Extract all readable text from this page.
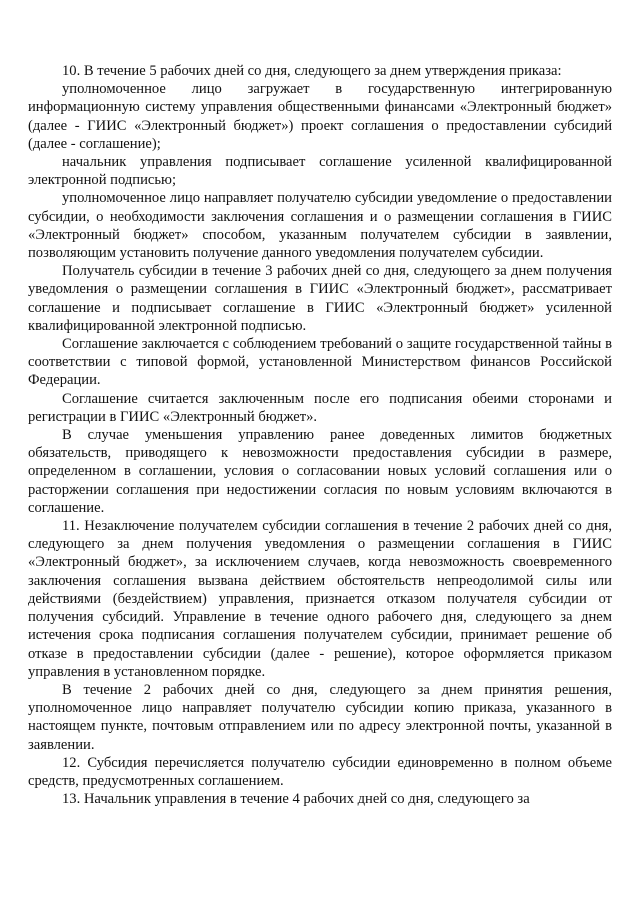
10. В течение 5 рабочих дней со дня, следующего за днем утверждения приказа:

уполномоченное лицо загружает в государственную интегрированную информационную систему управления общественными финансами «Электронный бюджет» (далее - ГИИС «Электронный бюджет») проект соглашения о предоставлении субсидий (далее - соглашение);

начальник управления подписывает соглашение усиленной квалифицированной электронной подписью;

уполномоченное лицо направляет получателю субсидии уведомление о предоставлении субсидии, о необходимости заключения соглашения и о размещении соглашения в ГИИС «Электронный бюджет» способом, указанным получателем субсидии в заявлении, позволяющим установить получение данного уведомления получателем субсидии.

Получатель субсидии в течение 3 рабочих дней со дня, следующего за днем получения уведомления о размещении соглашения в ГИИС «Электронный бюджет», рассматривает соглашение и подписывает соглашение в ГИИС «Электронный бюджет» усиленной квалифицированной электронной подписью.

Соглашение заключается с соблюдением требований о защите государственной тайны в соответствии с типовой формой, установленной Министерством финансов Российской Федерации.

Соглашение считается заключенным после его подписания обеими сторонами и регистрации в ГИИС «Электронный бюджет».

В случае уменьшения управлению ранее доведенных лимитов бюджетных обязательств, приводящего к невозможности предоставления субсидии в размере, определенном в соглашении, условия о согласовании новых условий соглашения или о расторжении соглашения при недостижении согласия по новым условиям включаются в соглашение.

11. Незаключение получателем субсидии соглашения в течение 2 рабочих дней со дня, следующего за днем получения уведомления о размещении соглашения в ГИИС «Электронный бюджет», за исключением случаев, когда невозможность своевременного заключения соглашения вызвана действием обстоятельств непреодолимой силы или действиями (бездействием) управления, признается отказом получателя субсидии от получения субсидий. Управление в течение одного рабочего дня, следующего за днем истечения срока подписания соглашения получателем субсидии, принимает решение об отказе в предоставлении субсидии (далее - решение), которое оформляется приказом управления в установленном порядке.

В течение 2 рабочих дней со дня, следующего за днем принятия решения, уполномоченное лицо направляет получателю субсидии копию приказа, указанного в настоящем пункте, почтовым отправлением или по адресу электронной почты, указанной в заявлении.

12. Субсидия перечисляется получателю субсидии единовременно в полном объеме средств, предусмотренных соглашением.

13. Начальник управления в течение 4 рабочих дней со дня, следующего за
